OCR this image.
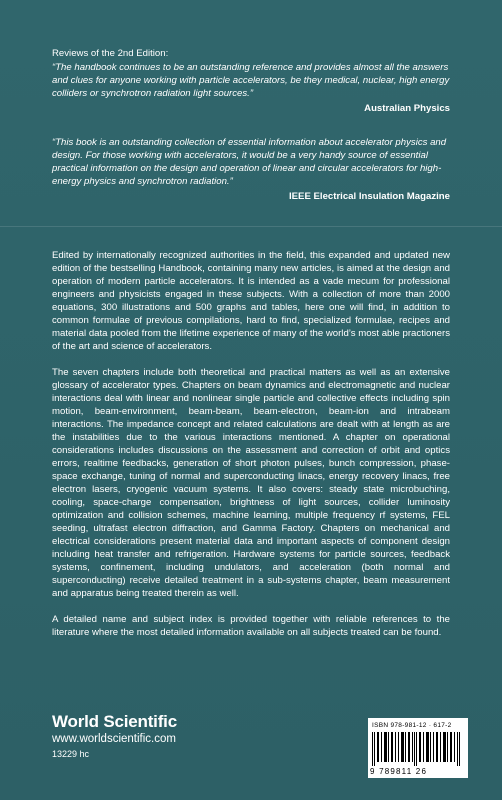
Reviews of the 2nd Edition:
“The handbook continues to be an outstanding reference and provides almost all the answers and clues for anyone working with particle accelerators, be they medical, nuclear, high energy colliders or synchrotron radiation light sources.”
Australian Physics
“This book is an outstanding collection of essential information about accelerator physics and design. For those working with accelerators, it would be a very handy source of essential practical information on the design and operation of linear and circular accelerators for high-energy physics and synchrotron radiation.”
IEEE Electrical Insulation Magazine

Edited by internationally recognized authorities in the field, this expanded and updated new edition of the bestselling Handbook, containing many new articles, is aimed at the design and operation of modern particle accelerators. It is intended as a vade mecum for professional engineers and physicists engaged in these subjects. With a collection of more than 2000 equations, 300 illustrations and 500 graphs and tables, here one will find, in addition to common formulae of previous compilations, hard to find, specialized formulae, recipes and material data pooled from the lifetime experience of many of the world’s most able practioners of the art and science of accelerators.

The seven chapters include both theoretical and practical matters as well as an extensive glossary of accelerator types. Chapters on beam dynamics and electromagnetic and nuclear interactions deal with linear and nonlinear single particle and collective effects including spin motion, beam-environment, beam-beam, beam-electron, beam-ion and intrabeam interactions. The impedance concept and related calculations are dealt with at length as are the instabilities due to the various interactions mentioned. A chapter on operational considerations includes discussions on the assessment and correction of orbit and optics errors, realtime feedbacks, generation of short photon pulses, bunch compression, phase-space exchange, tuning of normal and superconducting linacs, energy recovery linacs, free electron lasers, cryogenic vacuum systems. It also covers: steady state microbuching, cooling, space-charge compensation, brightness of light sources, collider luminosity optimization and collision schemes, machine learning, multiple frequency rf systems, FEL seeding, ultrafast electron diffraction, and Gamma Factory. Chapters on mechanical and electrical considerations present material data and important aspects of component design including heat transfer and refrigeration. Hardware systems for particle sources, feedback systems, confinement, including undulators, and acceleration (both normal and superconducting) receive detailed treatment in a sub-systems chapter, beam measurement and apparatus being treated therein as well.

A detailed name and subject index is provided together with reliable references to the literature where the most detailed information available on all subjects treated can be found.

World Scientific
www.worldscientific.com
13229 hc
ISBN 978-981-12 · 617-2
9 789811 26
